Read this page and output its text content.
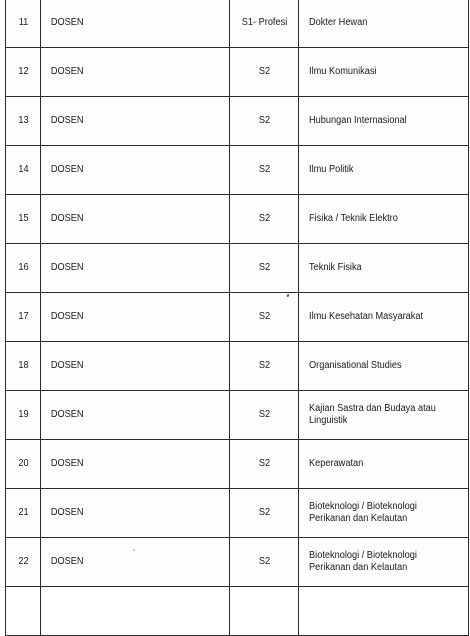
11	DOSEN	S1- Profesi	Dokter Hewan
12	DOSEN	S2	Ilmu Komunikasi
13	DOSEN	S2	Hubungan Internasional
14	DOSEN	S2	Ilmu Politik
15	DOSEN	S2	Fisika / Teknik Elektro
16	DOSEN	S2	Teknik Fisika
17	DOSEN	S2	Ilmu Kesehatan Masyarakat
18	DOSEN	S2	Organisational Studies
19	DOSEN	S2	Kajian Sastra dan Budaya atau Linguistik
20	DOSEN	S2	Keperawatan
21	DOSEN	S2	Bioteknologi / Bioteknologi Perikanan dan Kelautan
22	DOSEN	S2	Bioteknologi / Bioteknologi Perikanan dan Kelautan
